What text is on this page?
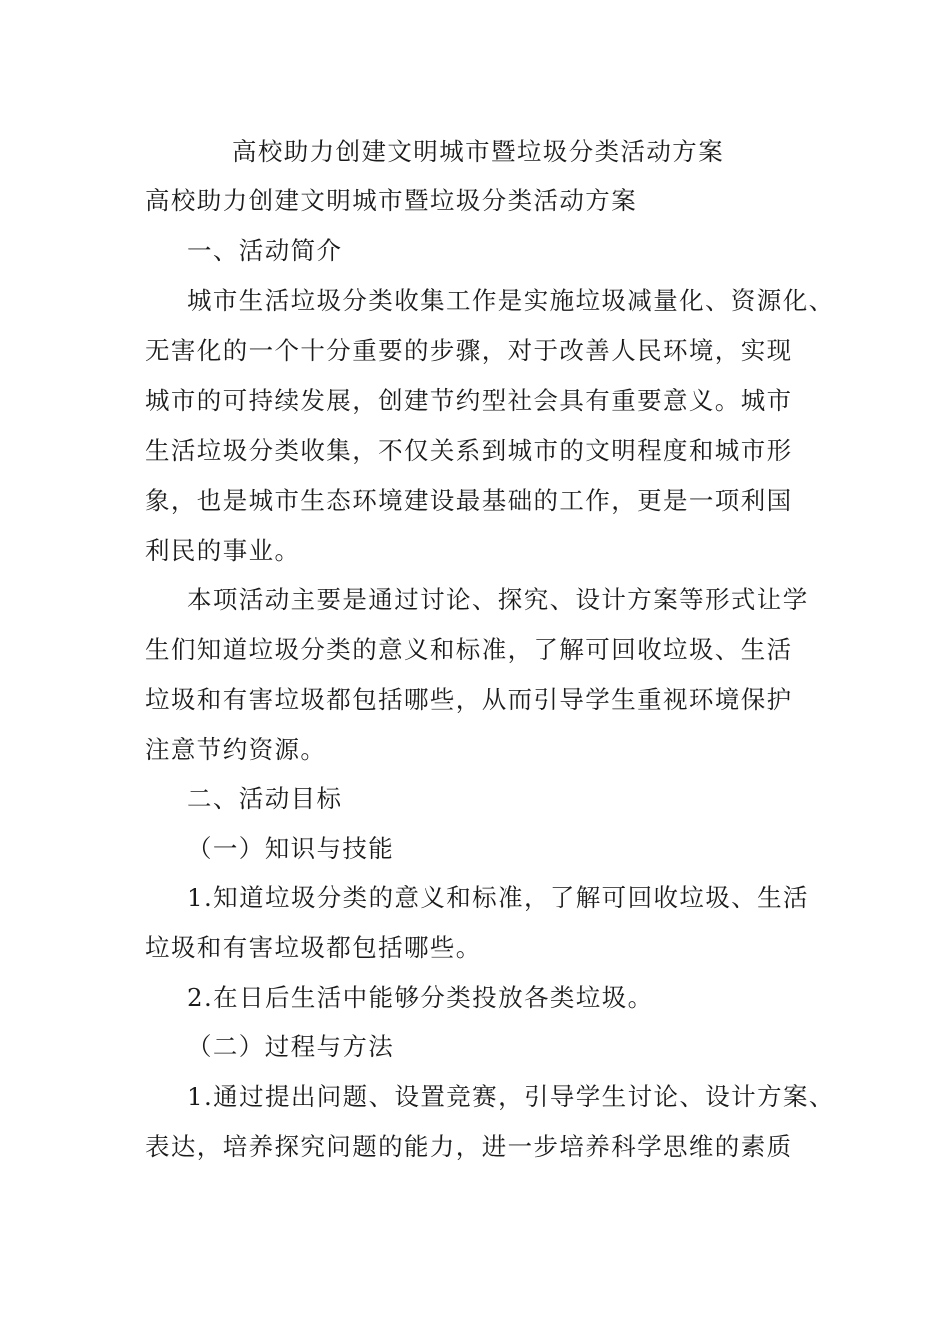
高校助力创建文明城市暨垃圾分类活动方案
高校助力创建文明城市暨垃圾分类活动方案
一、活动简介
城市生活垃圾分类收集工作是实施垃圾减量化、资源化、
无害化的一个十分重要的步骤，对于改善人民环境，实现
城市的可持续发展，创建节约型社会具有重要意义。城市
生活垃圾分类收集，不仅关系到城市的文明程度和城市形
象，也是城市生态环境建设最基础的工作，更是一项利国
利民的事业。
本项活动主要是通过讨论、探究、设计方案等形式让学
生们知道垃圾分类的意义和标准，了解可回收垃圾、生活
垃圾和有害垃圾都包括哪些，从而引导学生重视环境保护
注意节约资源。
二、活动目标
（一）知识与技能
1.知道垃圾分类的意义和标准，了解可回收垃圾、生活
垃圾和有害垃圾都包括哪些。
2.在日后生活中能够分类投放各类垃圾。
（二）过程与方法
1.通过提出问题、设置竞赛，引导学生讨论、设计方案、
表达，培养探究问题的能力，进一步培养科学思维的素质
